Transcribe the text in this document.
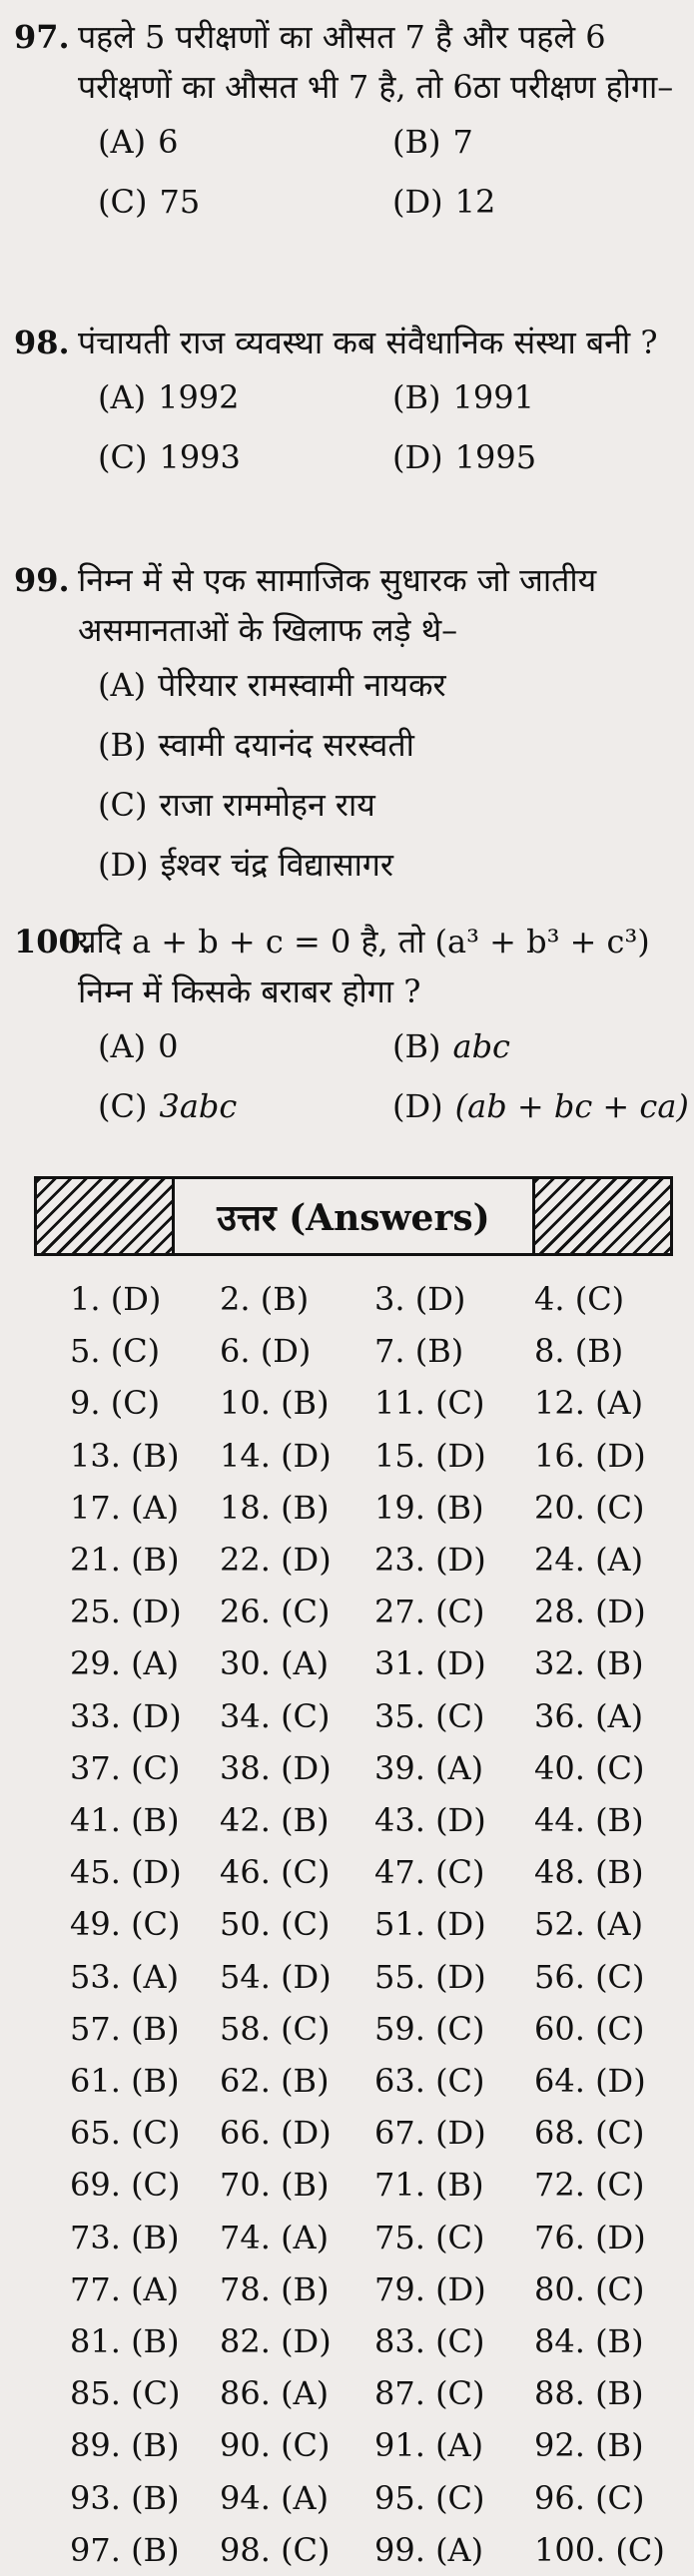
97. पहले 5 परीक्षणों का औसत 7 है और पहले 6 परीक्षणों का औसत भी 7 है, तो 6ठा परीक्षण होगा–
(A) 6	(B) 7
(C) 75	(D) 12
98. पंचायती राज व्यवस्था कब संवैधानिक संस्था बनी ?
(A) 1992	(B) 1991
(C) 1993	(D) 1995
99. निम्न में से एक सामाजिक सुधारक जो जातीय असमानताओं के खिलाफ लड़े थे–
(A) पेरियार रामस्वामी नायकर
(B) स्वामी दयानंद सरस्वती
(C) राजा राममोहन राय
(D) ईश्वर चंद्र विद्यासागर
100.
यदि a + b + c = 0 है, तो (a³ + b³ + c³) निम्न में किसके बराबर होगा ?
(A) 0	(B) abc
(C) 3abc	(D) (ab + bc + ca)
उत्तर (Answers)
1. (D)	2. (B)	3. (D)	4. (C)
5. (C)	6. (D)	7. (B)	8. (B)
9. (C)	10. (B)	11. (C)	12. (A)
13. (B)	14. (D)	15. (D)	16. (D)
17. (A)	18. (B)	19. (B)	20. (C)
21. (B)	22. (D)	23. (D)	24. (A)
25. (D)	26. (C)	27. (C)	28. (D)
29. (A)	30. (A)	31. (D)	32. (B)
33. (D)	34. (C)	35. (C)	36. (A)
37. (C)	38. (D)	39. (A)	40. (C)
41. (B)	42. (B)	43. (D)	44. (B)
45. (D)	46. (C)	47. (C)	48. (B)
49. (C)	50. (C)	51. (D)	52. (A)
53. (A)	54. (D)	55. (D)	56. (C)
57. (B)	58. (C)	59. (C)	60. (C)
61. (B)	62. (B)	63. (C)	64. (D)
65. (C)	66. (D)	67. (D)	68. (C)
69. (C)	70. (B)	71. (B)	72. (C)
73. (B)	74. (A)	75. (C)	76. (D)
77. (A)	78. (B)	79. (D)	80. (C)
81. (B)	82. (D)	83. (C)	84. (B)
85. (C)	86. (A)	87. (C)	88. (B)
89. (B)	90. (C)	91. (A)	92. (B)
93. (B)	94. (A)	95. (C)	96. (C)
97. (B)	98. (C)	99. (A)	100. (C)
